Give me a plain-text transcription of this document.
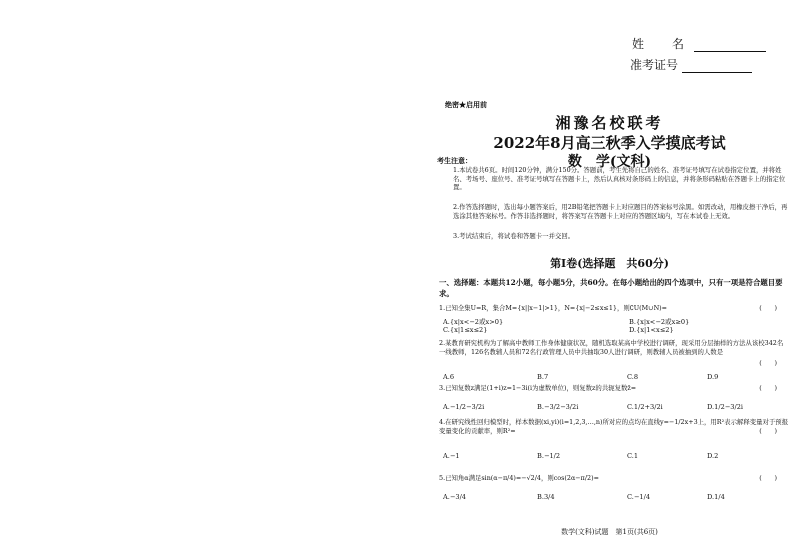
姓　名
准考证号
绝密★启用前
湘豫名校联考
2022年8月高三秋季入学摸底考试
数　学(文科)
考生注意：
1.本试卷共6页。时间120分钟，满分150分。答题前，考生先将自己的姓名、准考证号填写在试卷指定位置，并将姓名、考场号、座位号、准考证号填写在答题卡上，然后认真核对条形码上的信息，并将条形码粘贴在答题卡上的指定位置。
2.作答选择题时，选出每小题答案后，用2B铅笔把答题卡上对应题目的答案标号涂黑。如需改动，用橡皮擦干净后，再选涂其他答案标号。作答非选择题时，将答案写在答题卡上对应的答题区域内，写在本试卷上无效。
3.考试结束后，将试卷和答题卡一并交回。
第Ⅰ卷(选择题　共60分)
一、选择题：本题共12小题，每小题5分，共60分。在每小题给出的四个选项中，只有一项是符合题目要求。
1.已知全集U=R，集合M={x||x−1|>1}，N={x|−2≤x≤1}，则∁U(M∪N)=	(　　)
A.{x|x<−2或x>0}	B.{x|x<−2或x≥0}
C.{x|1≤x≤2}	D.{x|1<x≤2}
2.某教育研究机构为了解高中教师工作身体健康状况，随机选取某高中学校进行调研，现采用分层抽样的方法从该校342名一线教师，126名教辅人员和72名行政管理人员中共抽取30人进行调研，则教辅人员被抽到的人数是
(　　)
A.6	B.7	C.8	D.9
3.已知复数z满足(1+i)z=1−3i(i为虚数单位)，则复数z的共轭复数z̄=	(　　)
A.−1/2−3/2i	B.−3/2−3/2i	C.1/2+3/2i	D.1/2−3/2i
4.在研究线性回归模型时，样本数据(xi,yi)(i=1,2,3,…,n)所对应的点均在直线y=−1/2x+3上，用R²表示解释变量对于预报变量变化的贡献率，则R²=	(　　)
A.−1	B.−1/2	C.1	D.2
5.已知角α满足sin(α−π/4)=−√2/4，则cos(2α−π/2)=	(　　)
A.−3/4	B.3/4	C.−1/4	D.1/4
数学(文科)试题　第1页(共6页)
